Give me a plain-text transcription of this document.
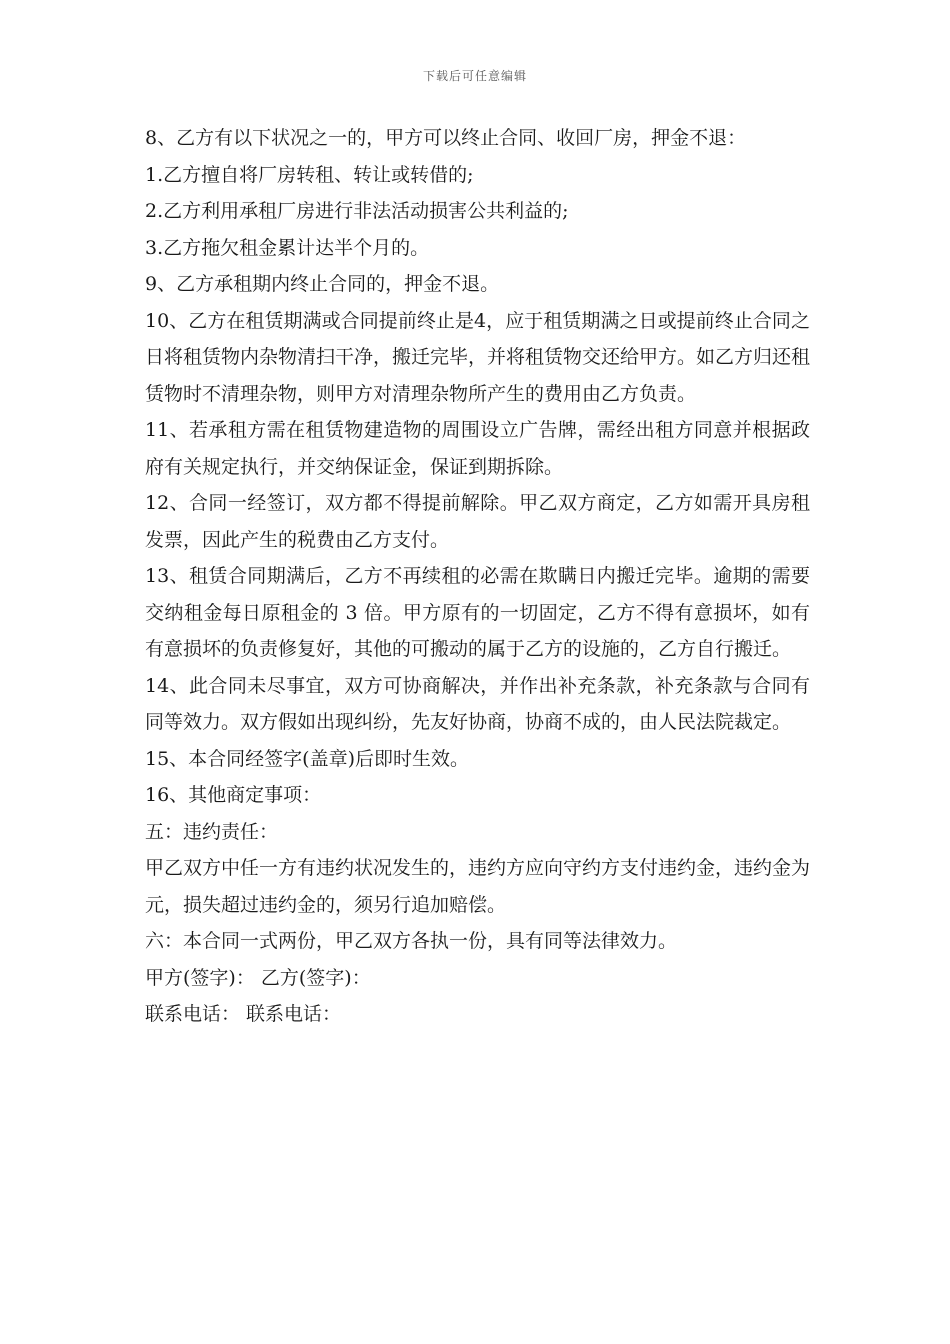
下载后可任意编辑

8、乙方有以下状况之一的，甲方可以终止合同、收回厂房，押金不退：

1.乙方擅自将厂房转租、转让或转借的;

2.乙方利用承租厂房进行非法活动损害公共利益的;

3.乙方拖欠租金累计达半个月的。

9、乙方承租期内终止合同的，押金不退。

10、乙方在租赁期满或合同提前终止是4，应于租赁期满之日或提前终止合同之日将租赁物内杂物清扫干净，搬迁完毕，并将租赁物交还给甲方。如乙方归还租赁物时不清理杂物，则甲方对清理杂物所产生的费用由乙方负责。

11、若承租方需在租赁物建造物的周围设立广告牌，需经出租方同意并根据政府有关规定执行，并交纳保证金，保证到期拆除。

12、合同一经签订，双方都不得提前解除。甲乙双方商定，乙方如需开具房租发票，因此产生的税费由乙方支付。

13、租赁合同期满后，乙方不再续租的必需在欺瞒日内搬迁完毕。逾期的需要交纳租金每日原租金的 3 倍。甲方原有的一切固定，乙方不得有意损坏，如有有意损坏的负责修复好，其他的可搬动的属于乙方的设施的，乙方自行搬迁。

14、此合同未尽事宜，双方可协商解决，并作出补充条款，补充条款与合同有同等效力。双方假如出现纠纷，先友好协商，协商不成的，由人民法院裁定。

15、本合同经签字(盖章)后即时生效。

16、其他商定事项：

五：违约责任：

甲乙双方中任一方有违约状况发生的，违约方应向守约方支付违约金，违约金为 元，损失超过违约金的，须另行追加赔偿。

六：本合同一式两份，甲乙双方各执一份，具有同等法律效力。

甲方(签字)： 乙方(签字)：

联系电话： 联系电话：
